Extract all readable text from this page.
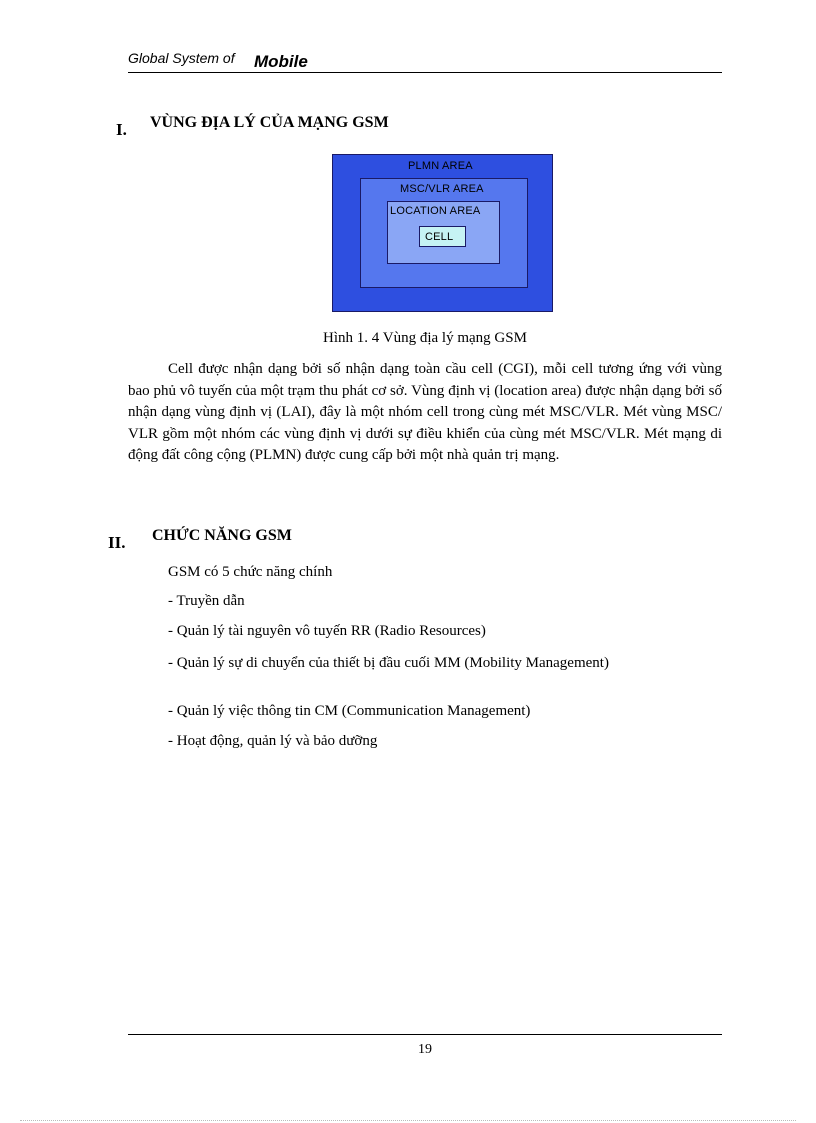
Global System of Mobile
I. VÙNG ĐỊA LÝ CỦA MẠNG GSM
PLMN AREA
MSC/VLR AREA
LOCATION AREA
CELL
Hình 1. 4 Vùng địa lý mạng GSM

Cell được nhận dạng bởi số nhận dạng toàn cầu cell (CGI), mỗi cell tương ứng với vùng bao phủ vô tuyến của một trạm thu phát cơ sở. Vùng định vị (location area) được nhận dạng bởi số nhận dạng vùng định vị (LAI), đây là một nhóm cell trong cùng mét MSC/VLR. Mét vùng MSC/ VLR gồm một nhóm các vùng định vị dưới sự điều khiển của cùng mét MSC/VLR. Mét mạng di động đất công cộng (PLMN) được cung cấp bởi một nhà quản trị mạng.

II. CHỨC NĂNG GSM
GSM có 5 chức năng chính
- Truyền dẫn
- Quản lý tài nguyên vô tuyến RR (Radio Resources)

- Quản lý sự di chuyển của thiết bị đầu cuối MM (Mobility Management)

- Quản lý việc thông tin CM (Communication Management)
- Hoạt động, quản lý và bảo dưỡng
19
